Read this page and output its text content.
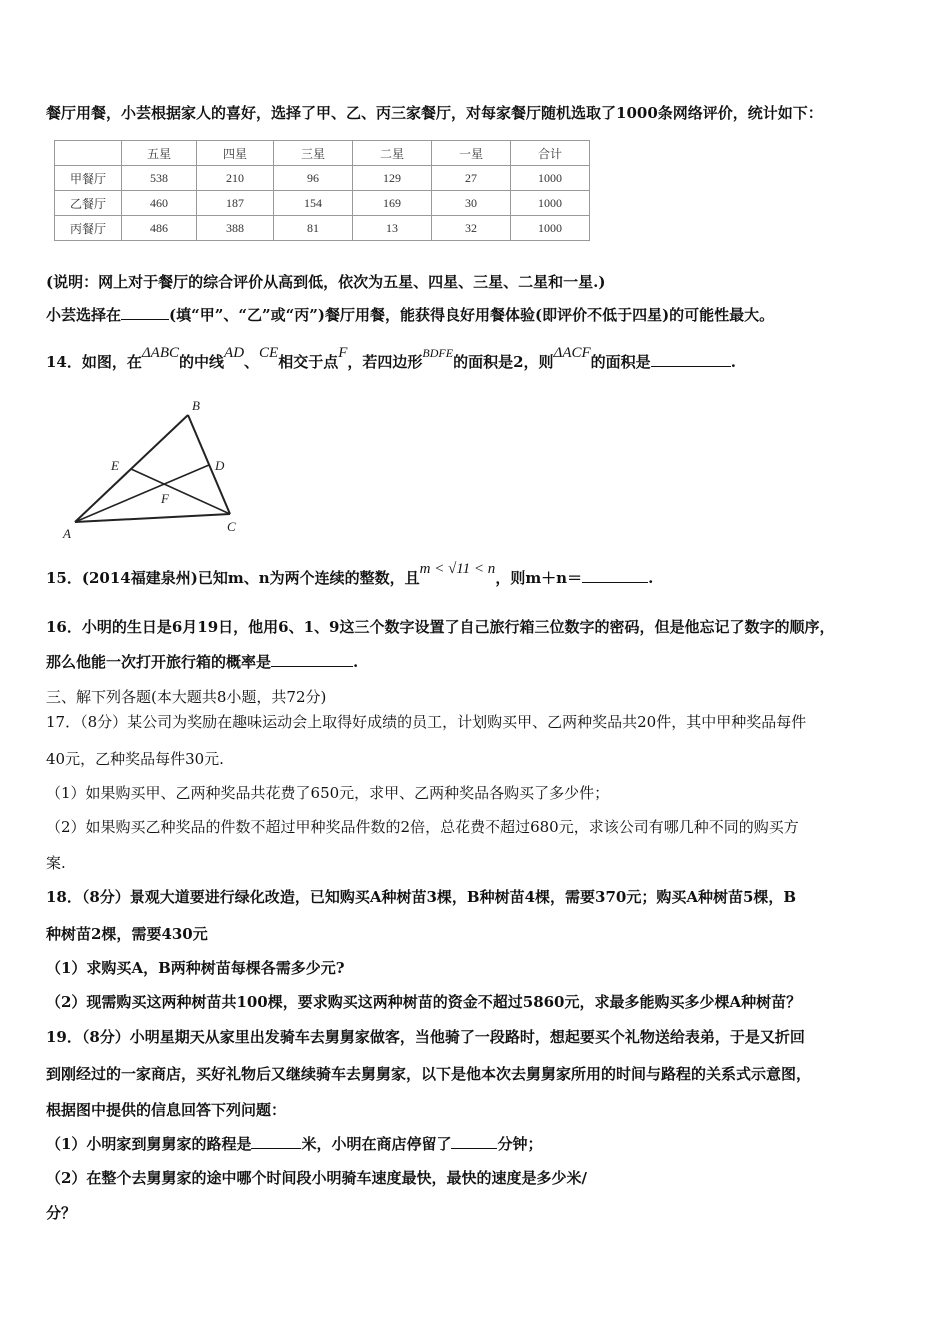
餐厅用餐，小芸根据家人的喜好，选择了甲、乙、丙三家餐厅，对每家餐厅随机选取了1000条网络评价，统计如下：
	五星	四星	三星	二星	一星	合计
甲餐厅	538	210	96	129	27	1000
乙餐厅	460	187	154	169	30	1000
丙餐厅	486	388	81	13	32	1000
(说明：网上对于餐厅的综合评价从高到低，依次为五星、四星、三星、二星和一星.)
小芸选择在	(填“甲”、“乙”或“丙”)餐厅用餐，能获得良好用餐体验(即评价不低于四星)的可能性最大。
14．如图，在ΔABC的中线AD、CE相交于点F，若四边形$^{BDFE}$的面积是2，则ΔACF的面积是	.
A
B
C
D
E
F
15．(2014福建泉州)已知m、n为两个连续的整数，且m < √11 < n，则m＋n＝	.
16．小明的生日是6月19日，他用6、1、9这三个数字设置了自己旅行箱三位数字的密码，但是他忘记了数字的顺序，
那么他能一次打开旅行箱的概率是	.
三、解下列各题(本大题共8小题，共72分)
17．（8分）某公司为奖励在趣味运动会上取得好成绩的员工，计划购买甲、乙两种奖品共20件，其中甲种奖品每件
40元，乙种奖品每件30元.
（1）如果购买甲、乙两种奖品共花费了650元，求甲、乙两种奖品各购买了多少件；
（2）如果购买乙种奖品的件数不超过甲种奖品件数的2倍，总花费不超过680元，求该公司有哪几种不同的购买方
案.
18．（8分）景观大道要进行绿化改造，已知购买A种树苗3棵，B种树苗4棵，需要370元；购买A种树苗5棵，B
种树苗2棵，需要430元
（1）求购买A，B两种树苗每棵各需多少元?
（2）现需购买这两种树苗共100棵，要求购买这两种树苗的资金不超过5860元，求最多能购买多少棵A种树苗？
19．（8分）小明星期天从家里出发骑车去舅舅家做客，当他骑了一段路时，想起要买个礼物送给表弟，于是又折回
到刚经过的一家商店，买好礼物后又继续骑车去舅舅家，以下是他本次去舅舅家所用的时间与路程的关系式示意图，
根据图中提供的信息回答下列问题：
（1）小明家到舅舅家的路程是	米，小明在商店停留了	分钟；
（2）在整个去舅舅家的途中哪个时间段小明骑车速度最快，最快的速度是多少米/
分？
